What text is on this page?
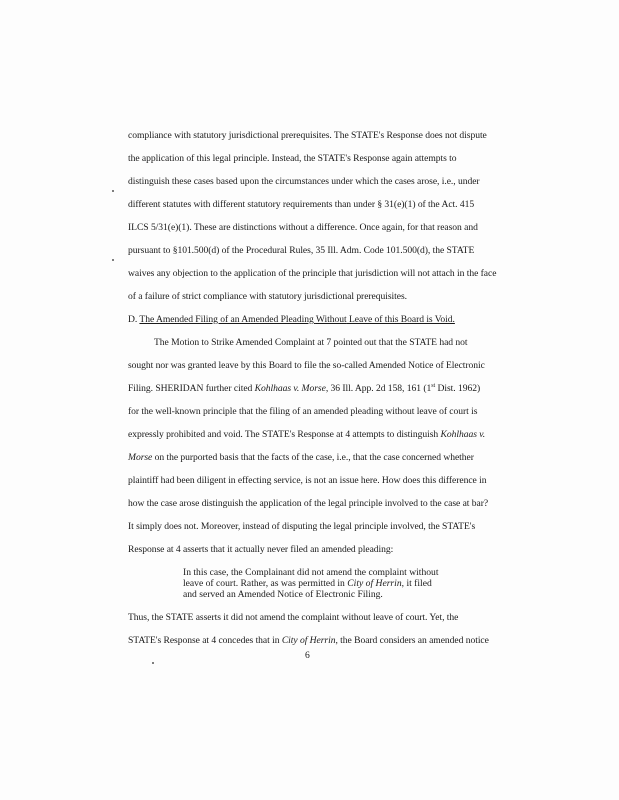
compliance with statutory jurisdictional prerequisites. The STATE's Response does not dispute
the application of this legal principle. Instead, the STATE's Response again attempts to
distinguish these cases based upon the circumstances under which the cases arose, i.e., under
different statutes with different statutory requirements than under § 31(e)(1) of the Act. 415
ILCS 5/31(e)(1). These are distinctions without a difference. Once again, for that reason and
pursuant to §101.500(d) of the Procedural Rules, 35 Ill. Adm. Code 101.500(d), the STATE
waives any objection to the application of the principle that jurisdiction will not attach in the face
of a failure of strict compliance with statutory jurisdictional prerequisites.
D. The Amended Filing of an Amended Pleading Without Leave of this Board is Void.
The Motion to Strike Amended Complaint at 7 pointed out that the STATE had not
sought nor was granted leave by this Board to file the so-called Amended Notice of Electronic
Filing. SHERIDAN further cited Kohlhaas v. Morse, 36 Ill. App. 2d 158, 161 (1st Dist. 1962)
for the well-known principle that the filing of an amended pleading without leave of court is
expressly prohibited and void. The STATE's Response at 4 attempts to distinguish Kohlhaas v.
Morse on the purported basis that the facts of the case, i.e., that the case concerned whether
plaintiff had been diligent in effecting service, is not an issue here. How does this difference in
how the case arose distinguish the application of the legal principle involved to the case at bar?
It simply does not. Moreover, instead of disputing the legal principle involved, the STATE's
Response at 4 asserts that it actually never filed an amended pleading:
In this case, the Complainant did not amend the complaint without
leave of court. Rather, as was permitted in City of Herrin, it filed
and served an Amended Notice of Electronic Filing.
Thus, the STATE asserts it did not amend the complaint without leave of court. Yet, the
STATE's Response at 4 concedes that in City of Herrin, the Board considers an amended notice
6
